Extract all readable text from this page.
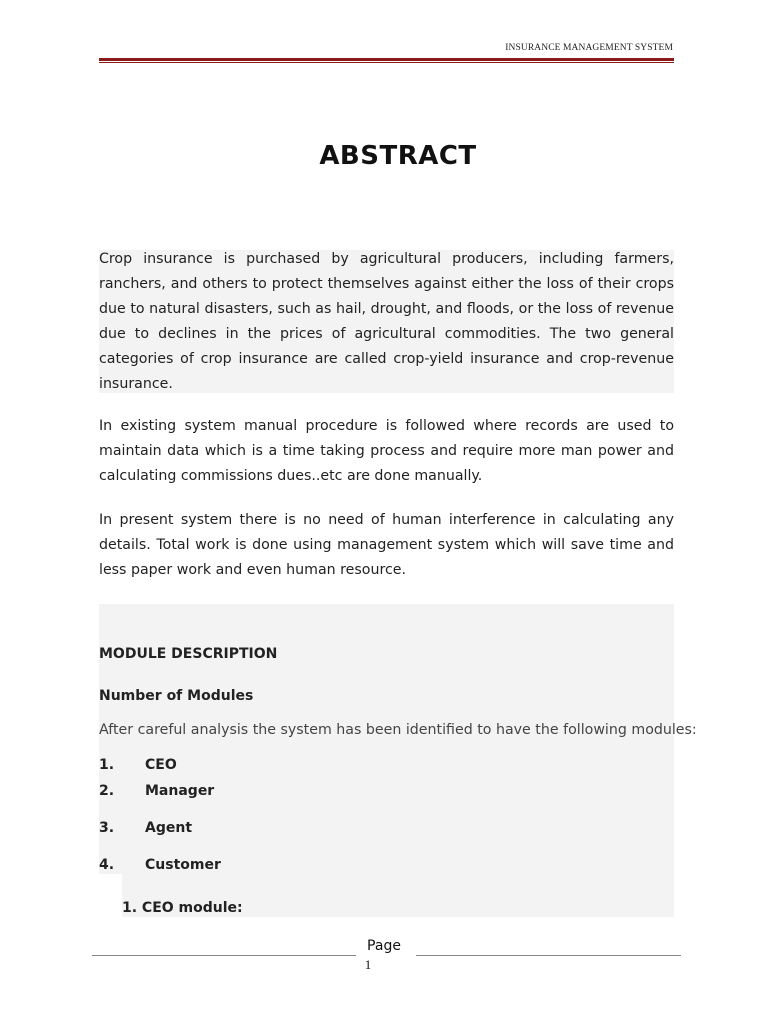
INSURANCE MANAGEMENT SYSTEM
ABSTRACT

Crop insurance is purchased by agricultural producers, including farmers, ranchers, and others to protect themselves against either the loss of their crops due to natural disasters, such as hail, drought, and floods, or the loss of revenue due to declines in the prices of agricultural commodities. The two general categories of crop insurance are called crop-yield insurance and crop-revenue insurance.

In existing system manual procedure is followed where records are used to maintain data which is a time taking process and require more man power and calculating commissions dues..etc are done manually.

In present system there is no need of human interference in calculating any details. Total work is done using management system which will save time and less paper work and even human resource.

MODULE DESCRIPTION
Number of Modules
After careful analysis the system has been identified to have the following modules:
1. CEO
2. Manager
3. Agent
4. Customer
1. CEO module:
Page
1
